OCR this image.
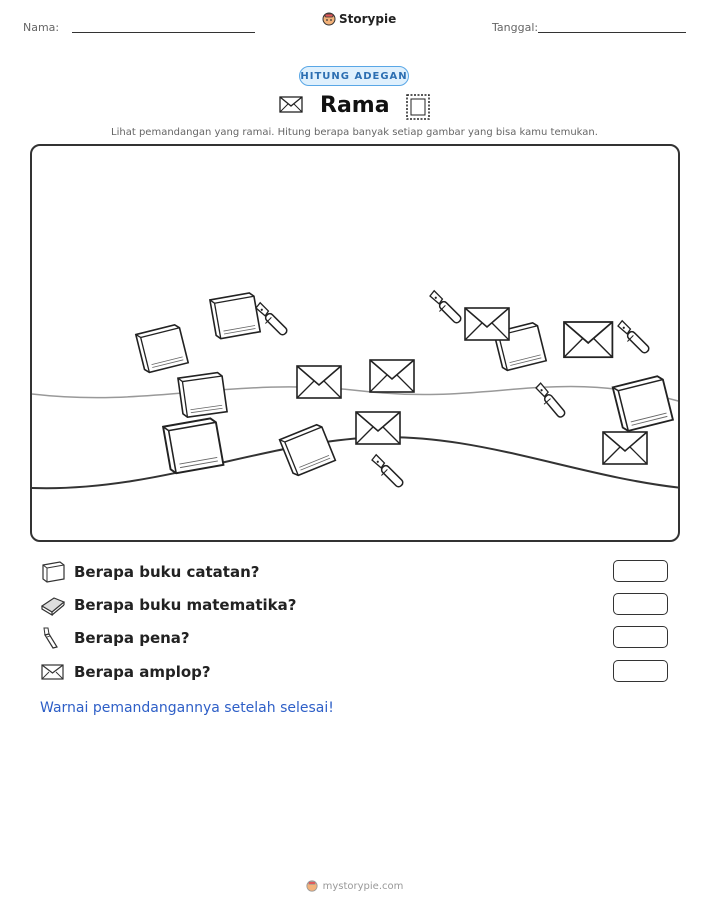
Nama:
Storypie
Tanggal:
HITUNG ADEGAN
Rama
Lihat pemandangan yang ramai. Hitung berapa banyak setiap gambar yang bisa kamu temukan.
Berapa buku catatan?
Berapa buku matematika?
Berapa pena?
Berapa amplop?
Warnai pemandangannya setelah selesai!
mystorypie.com
